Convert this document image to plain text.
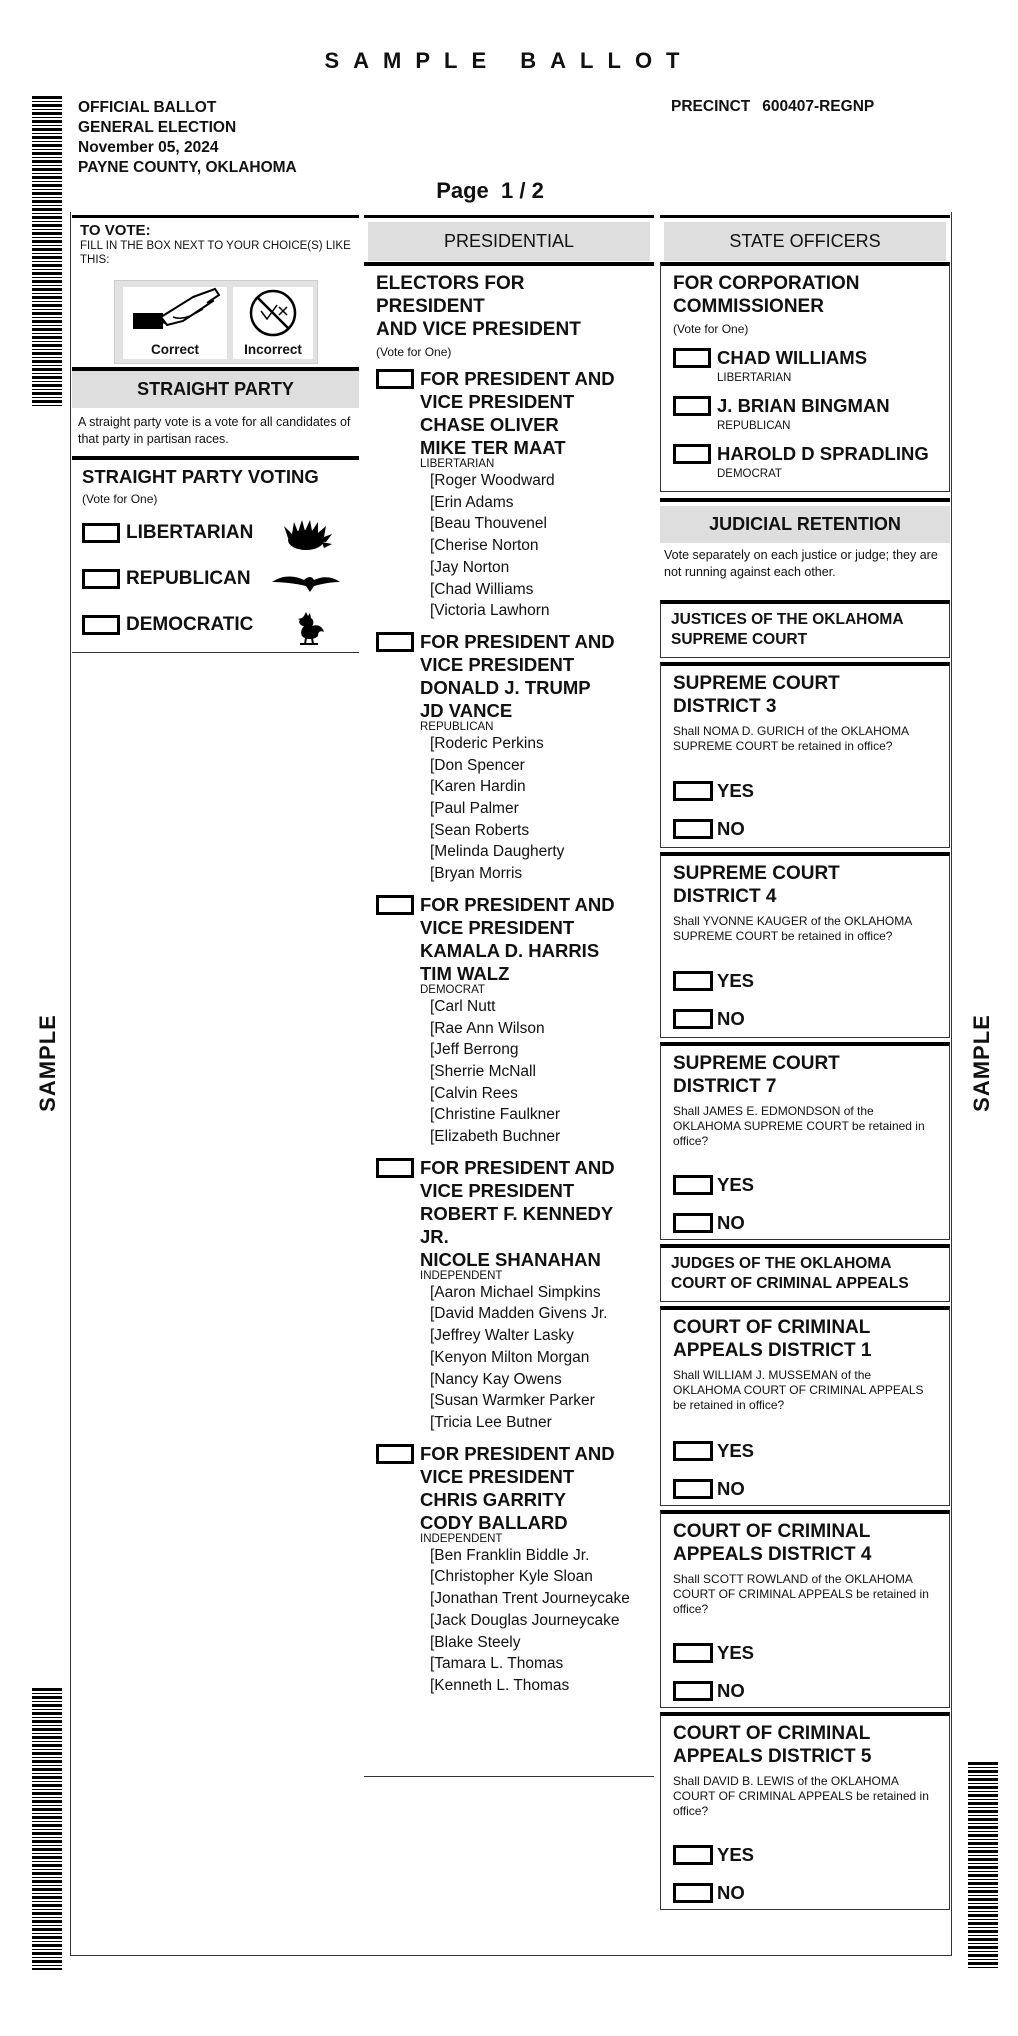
SAMPLE BALLOT
OFFICIAL BALLOT
GENERAL ELECTION
November 05, 2024
PAYNE COUNTY, OKLAHOMA
PRECINCT 600407-REGNP
Page  1 / 2
SAMPLE	SAMPLE
TO VOTE:
FILL IN THE BOX NEXT TO YOUR CHOICE(S) LIKE THIS:
Correct	Incorrect
STRAIGHT PARTY
A straight party vote is a vote for all candidates of that party in partisan races.
STRAIGHT PARTY VOTING
(Vote for One)
LIBERTARIAN
REPUBLICAN
DEMOCRATIC
PRESIDENTIAL
ELECTORS FOR
PRESIDENT
AND VICE PRESIDENT
(Vote for One)
FOR PRESIDENT AND
VICE PRESIDENT
CHASE OLIVER
MIKE TER MAAT
LIBERTARIAN
[Roger Woodward
[Erin Adams
[Beau Thouvenel
[Cherise Norton
[Jay Norton
[Chad Williams
[Victoria Lawhorn
FOR PRESIDENT AND
VICE PRESIDENT
DONALD J. TRUMP
JD VANCE
REPUBLICAN
[Roderic Perkins
[Don Spencer
[Karen Hardin
[Paul Palmer
[Sean Roberts
[Melinda Daugherty
[Bryan Morris
FOR PRESIDENT AND
VICE PRESIDENT
KAMALA D. HARRIS
TIM WALZ
DEMOCRAT
[Carl Nutt
[Rae Ann Wilson
[Jeff Berrong
[Sherrie McNall
[Calvin Rees
[Christine Faulkner
[Elizabeth Buchner
FOR PRESIDENT AND
VICE PRESIDENT
ROBERT F. KENNEDY
JR.
NICOLE SHANAHAN
INDEPENDENT
[Aaron Michael Simpkins
[David Madden Givens Jr.
[Jeffrey Walter Lasky
[Kenyon Milton Morgan
[Nancy Kay Owens
[Susan Warmker Parker
[Tricia Lee Butner
FOR PRESIDENT AND
VICE PRESIDENT
CHRIS GARRITY
CODY BALLARD
INDEPENDENT
[Ben Franklin Biddle Jr.
[Christopher Kyle Sloan
[Jonathan Trent Journeycake
[Jack Douglas Journeycake
[Blake Steely
[Tamara L. Thomas
[Kenneth L. Thomas
STATE OFFICERS
FOR CORPORATION
COMMISSIONER
(Vote for One)
CHAD WILLIAMS
LIBERTARIAN
J. BRIAN BINGMAN
REPUBLICAN
HAROLD D SPRADLING
DEMOCRAT
JUDICIAL RETENTION
Vote separately on each justice or judge; they are not running against each other.
JUSTICES OF THE OKLAHOMA SUPREME COURT
SUPREME COURT
DISTRICT 3
Shall NOMA D. GURICH of the OKLAHOMA SUPREME COURT be retained in office?
YES
NO
SUPREME COURT
DISTRICT 4
Shall YVONNE KAUGER of the OKLAHOMA SUPREME COURT be retained in office?
YES
NO
SUPREME COURT
DISTRICT 7
Shall JAMES E. EDMONDSON of the OKLAHOMA SUPREME COURT be retained in office?
YES
NO
JUDGES OF THE OKLAHOMA COURT OF CRIMINAL APPEALS
COURT OF CRIMINAL
APPEALS DISTRICT 1
Shall WILLIAM J. MUSSEMAN of the OKLAHOMA COURT OF CRIMINAL APPEALS be retained in office?
YES
NO
COURT OF CRIMINAL
APPEALS DISTRICT 4
Shall SCOTT ROWLAND of the OKLAHOMA COURT OF CRIMINAL APPEALS be retained in office?
YES
NO
COURT OF CRIMINAL
APPEALS DISTRICT 5
Shall DAVID B. LEWIS of the OKLAHOMA COURT OF CRIMINAL APPEALS be retained in office?
YES
NO
